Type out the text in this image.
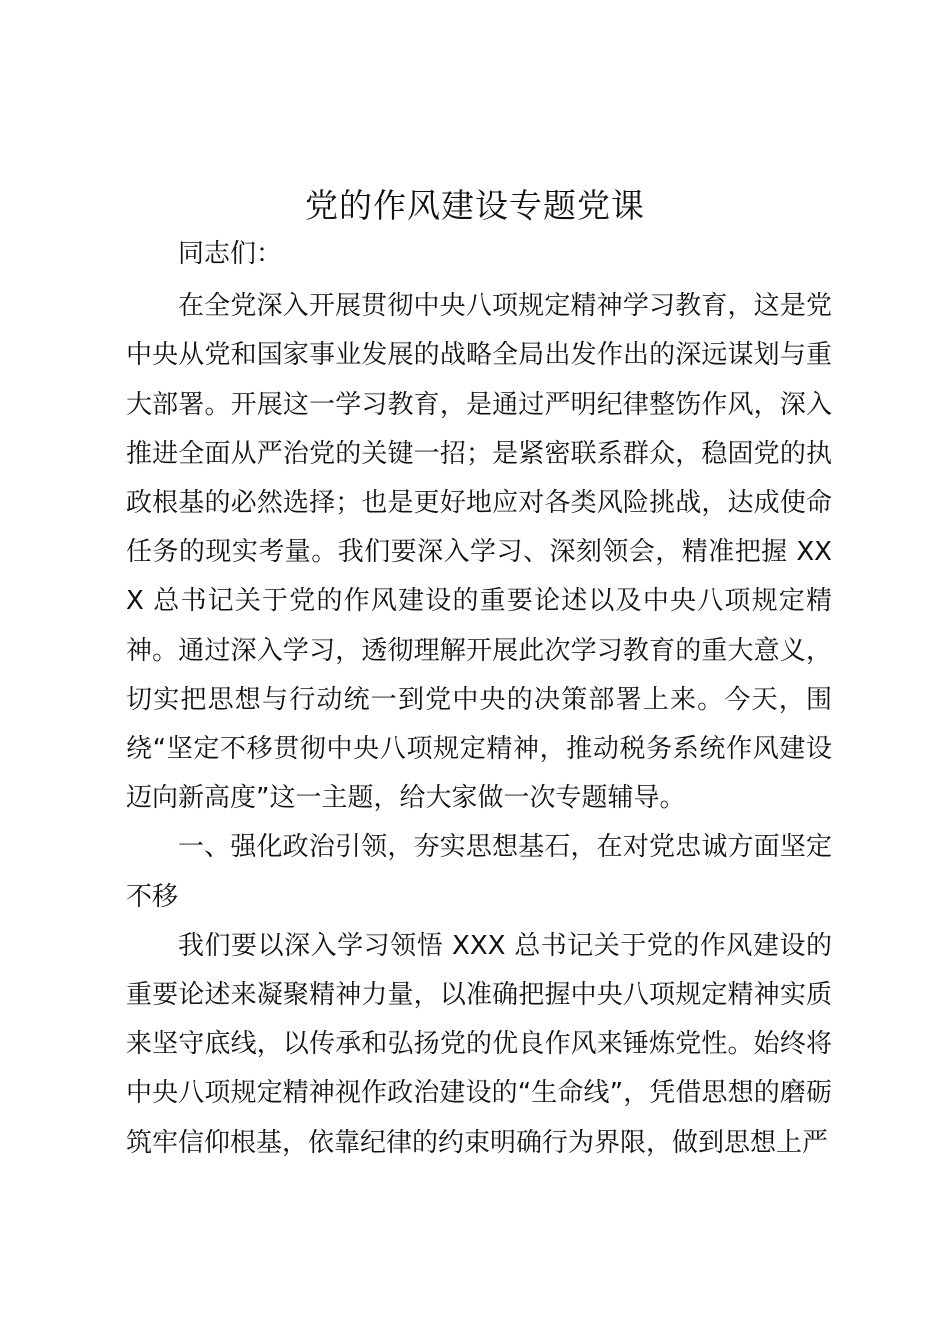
党的作风建设专题党课

同志们：

在全党深入开展贯彻中央八项规定精神学习教育，这是党中央从党和国家事业发展的战略全局出发作出的深远谋划与重大部署。开展这一学习教育，是通过严明纪律整饬作风，深入推进全面从严治党的关键一招；是紧密联系群众，稳固党的执政根基的必然选择；也是更好地应对各类风险挑战，达成使命任务的现实考量。我们要深入学习、深刻领会，精准把握 XXX 总书记关于党的作风建设的重要论述以及中央八项规定精神。通过深入学习，透彻理解开展此次学习教育的重大意义，切实把思想与行动统一到党中央的决策部署上来。今天，围绕“坚定不移贯彻中央八项规定精神，推动税务系统作风建设迈向新高度”这一主题，给大家做一次专题辅导。

一、强化政治引领，夯实思想基石，在对党忠诚方面坚定不移

我们要以深入学习领悟 XXX 总书记关于党的作风建设的重要论述来凝聚精神力量，以准确把握中央八项规定精神实质来坚守底线，以传承和弘扬党的优良作风来锤炼党性。始终将中央八项规定精神视作政治建设的“生命线”，凭借思想的磨砺筑牢信仰根基，依靠纪律的约束明确行为界限，做到思想上严
